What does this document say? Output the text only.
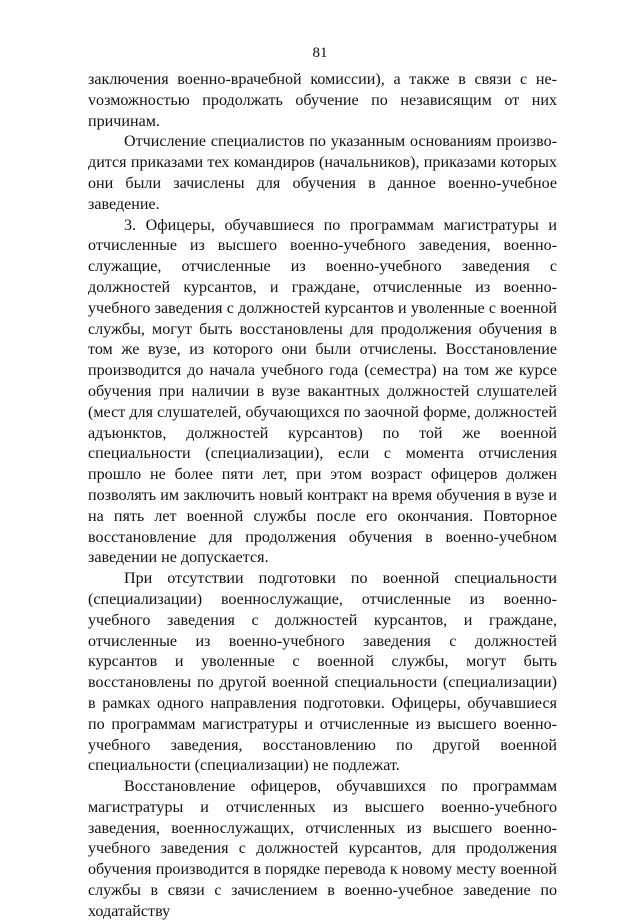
81

заключения военно-врачебной комиссии), а также в связи с неvозможностью продолжать обучение по независящим от них причинам.

Отчисление специалистов по указанным основаниям производится приказами тех командиров (начальников), приказами которых они были зачислены для обучения в данное военно-учебное заведение.

3. Офицеры, обучавшиеся по программам магистратуры и отчисленные из высшего военно-учебного заведения, военнослужащие, отчисленные из военно-учебного заведения с должностей курсантов, и граждане, отчисленные из военно-учебного заведения с должностей курсантов и уволенные с военной службы, могут быть восстановлены для продолжения обучения в том же вузе, из которого они были отчислены. Восстановление производится до начала учебного года (семестра) на том же курсе обучения при наличии в вузе вакантных должностей слушателей (мест для слушателей, обучающихся по заочной форме, должностей адъюнктов, должностей курсантов) по той же военной специальности (специализации), если с момента отчисления прошло не более пяти лет, при этом возраст офицеров должен позволять им заключить новый контракт на время обучения в вузе и на пять лет военной службы после его окончания. Повторное восстановление для продолжения обучения в военно-учебном заведении не допускается.

При отсутствии подготовки по военной специальности (специализации) военнослужащие, отчисленные из военно-учебного заведения с должностей курсантов, и граждане, отчисленные из военно-учебного заведения с должностей курсантов и уволенные с военной службы, могут быть восстановлены по другой военной специальности (специализации) в рамках одного направления подготовки. Офицеры, обучавшиеся по программам магистратуры и отчисленные из высшего военно-учебного заведения, восстановлению по другой военной специальности (специализации) не подлежат.

Восстановление офицеров, обучавшихся по программам магистратуры и отчисленных из высшего военно-учебного заведения, военнослужащих, отчисленных из высшего военно-учебного заведения с должностей курсантов, для продолжения обучения производится в порядке перевода к новому месту военной службы в связи с зачислением в военно-учебное заведение по ходатайству
